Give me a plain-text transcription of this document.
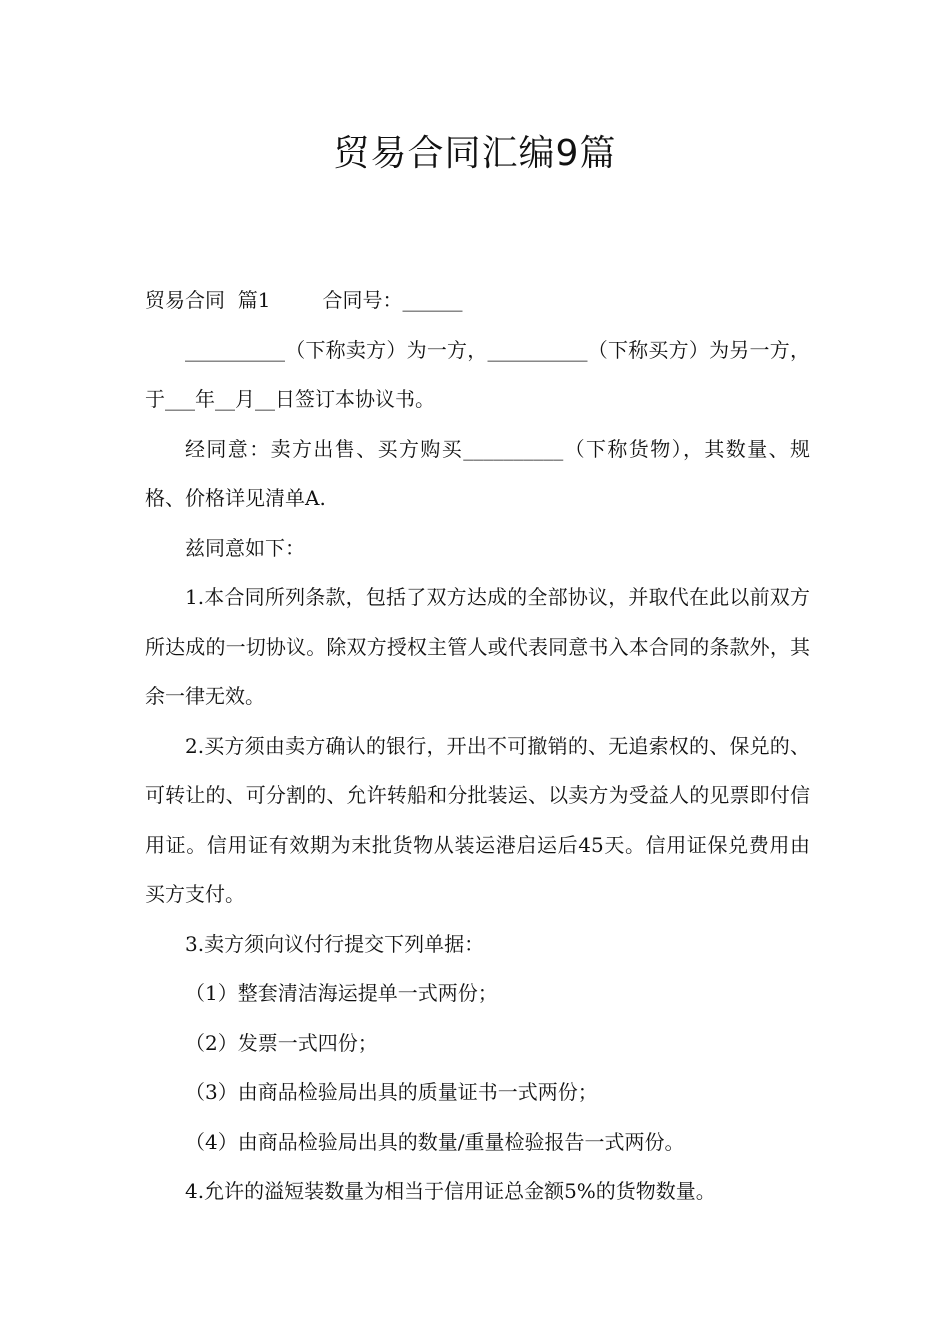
贸易合同汇编9篇

贸易合同  篇1	合同号：______

__________（下称卖方）为一方，__________（下称买方）为另一方，于___年__月__日签订本协议书。

经同意：卖方出售、买方购买__________（下称货物），其数量、规格、价格详见清单A.

兹同意如下：

1.本合同所列条款，包括了双方达成的全部协议，并取代在此以前双方所达成的一切协议。除双方授权主管人或代表同意书入本合同的条款外，其余一律无效。

2.买方须由卖方确认的银行，开出不可撤销的、无追索权的、保兑的、可转让的、可分割的、允许转船和分批装运、以卖方为受益人的见票即付信用证。信用证有效期为末批货物从装运港启运后45天。信用证保兑费用由买方支付。

3.卖方须向议付行提交下列单据：

（1）整套清洁海运提单一式两份；

（2）发票一式四份；

（3）由商品检验局出具的质量证书一式两份；

（4）由商品检验局出具的数量/重量检验报告一式两份。

4.允许的溢短装数量为相当于信用证总金额5%的货物数量。
